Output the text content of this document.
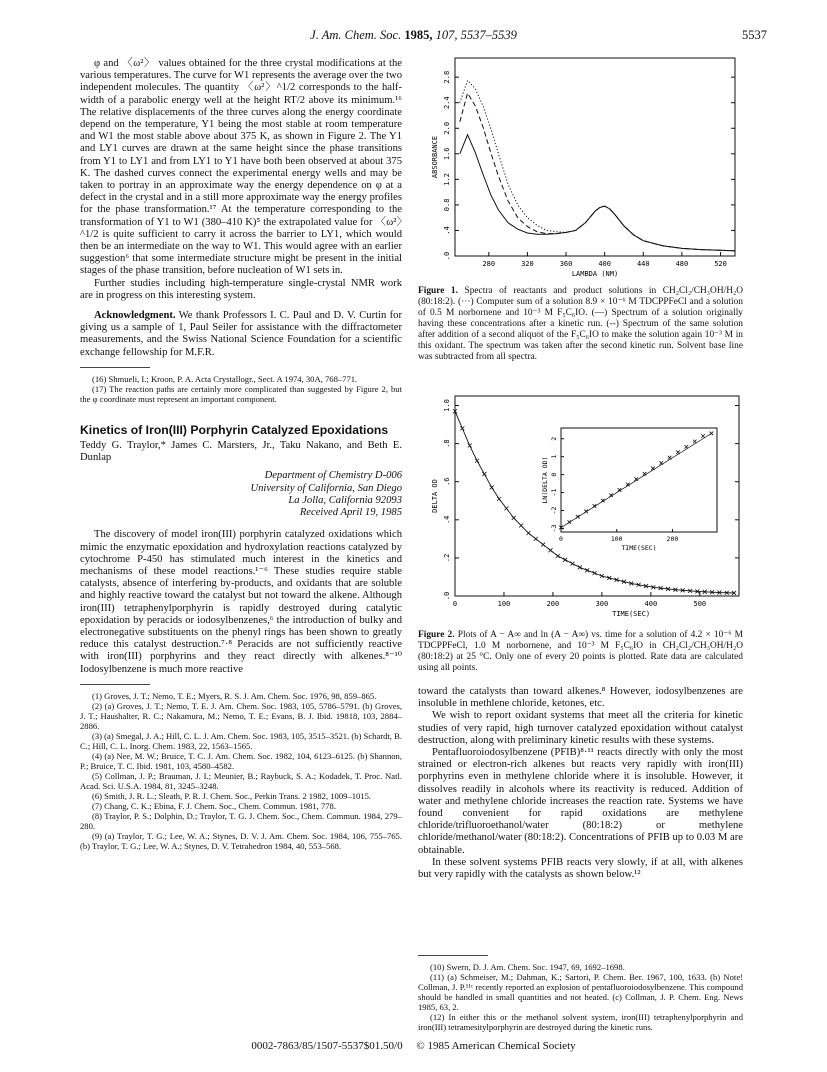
J. Am. Chem. Soc. 1985, 107, 5537–5539	5537

φ and 〈ω²〉 values obtained for the three crystal modifications at the various temperatures. The curve for W1 represents the average over the two independent molecules. The quantity 〈ω²〉^1/2 corresponds to the half-width of a parabolic energy well at the height RT/2 above its minimum.¹⁶ The relative displacements of the three curves along the energy coordinate depend on the temperature, Y1 being the most stable at room temperature and W1 the most stable above about 375 K, as shown in Figure 2. The Y1 and LY1 curves are drawn at the same height since the phase transitions from Y1 to LY1 and from LY1 to Y1 have both been observed at about 375 K. The dashed curves connect the experimental energy wells and may be taken to portray in an approximate way the energy dependence on φ at a defect in the crystal and in a still more approximate way the energy profiles for the phase transformation.¹⁷ At the temperature corresponding to the transformation of Y1 to W1 (380–410 K)⁵ the extrapolated value for 〈ω²〉^1/2 is quite sufficient to carry it across the barrier to LY1, which would then be an intermediate on the way to W1. This would agree with an earlier suggestion⁶ that some intermediate structure might be present in the initial stages of the phase transition, before nucleation of W1 sets in.

Further studies including high-temperature single-crystal NMR work are in progress on this interesting system.

Acknowledgment. We thank Professors I. C. Paul and D. V. Curtin for giving us a sample of 1, Paul Seiler for assistance with the diffractometer measurements, and the Swiss National Science Foundation for a scientific exchange fellowship for M.F.R.

(16) Shmueli, I.; Kroon, P. A. Acta Crystallogr., Sect. A 1974, 30A, 768–771.

(17) The reaction paths are certainly more complicated than suggested by Figure 2, but the φ coordinate must represent an important component.

Kinetics of Iron(III) Porphyrin Catalyzed Epoxidations
Teddy G. Traylor,* James C. Marsters, Jr., Taku Nakano, and Beth E. Dunlap
Department of Chemistry D-006
University of California, San Diego
La Jolla, California 92093
Received April 19, 1985

The discovery of model iron(III) porphyrin catalyzed oxidations which mimic the enzymatic epoxidation and hydroxylation reactions catalyzed by cytochrome P-450 has stimulated much interest in the kinetics and mechanisms of these model reactions.¹⁻⁶ These studies require stable catalysts, absence of interfering by-products, and oxidants that are soluble and highly reactive toward the catalyst but not toward the alkene. Although iron(III) tetraphenylporphyrin is rapidly destroyed during catalytic epoxidation by peracids or iodosylbenzenes,⁶ the introduction of bulky and electronegative substituents on the phenyl rings has been shown to greatly reduce this catalyst destruction.⁷·⁸ Peracids are not sufficiently reactive with iron(III) porphyrins and they react directly with alkenes.⁸⁻¹⁰ Iodosylbenzene is much more reactive

(1) Groves, J. T.; Nemo, T. E.; Myers, R. S. J. Am. Chem. Soc. 1976, 98, 859–865.

(2) (a) Groves, J. T.; Nemo, T. E. J. Am. Chem. Soc. 1983, 105, 5786–5791. (b) Groves, J. T.; Haushalter, R. C.; Nakamura, M.; Nemo, T. E.; Evans, B. J. Ibid. 19818, 103, 2884–2886.

(3) (a) Smegal, J. A.; Hill, C. L. J. Am. Chem. Soc. 1983, 105, 3515–3521. (b) Schardt, B. C.; Hill, C. L. Inorg. Chem. 1983, 22, 1563–1565.

(4) (a) Nee, M. W.; Bruice, T. C. J. Am. Chem. Soc. 1982, 104, 6123–6125. (b) Shannon, P.; Bruice, T. C. Ibid. 1981, 103, 4580–4582.

(5) Collman, J. P.; Brauman, J. I.; Meunier, B.; Raybuck, S. A.; Kodadek, T. Proc. Natl. Acad. Sci. U.S.A. 1984, 81, 3245–3248.

(6) Smith, J. R. L.; Sleath, P. R. J. Chem. Soc., Perkin Trans. 2 1982, 1009–1015.

(7) Chang, C. K.; Ebina, F. J. Chem. Soc., Chem. Commun. 1981, 778.

(8) Traylor, P. S.; Dolphin, D.; Traylor, T. G. J. Chem. Soc., Chem. Commun. 1984, 279–280.

(9) (a) Traylor, T. G.; Lee, W. A.; Stynes, D. V. J. Am. Chem. Soc. 1984, 106, 755–765. (b) Traylor, T. G.; Lee, W. A.; Stynes, D. V. Tetrahedron 1984, 40, 553–568.

280	320	360	400	440	480	520
.0
.4
0.8
1.2
1.6
2.0
2.4
2.8
LAMBDA (NM)
ABSORBANCE
Figure 1. Spectra of reactants and product solutions in CH₂Cl₂/CH₃OH/H₂O (80:18:2). (···) Computer sum of a solution 8.9 × 10⁻⁶ M TDCPPFeCl and a solution of 0.5 M norbornene and 10⁻³ M F₅C₆IO. (—) Spectrum of a solution originally having these concentrations after a kinetic run. (--) Spectrum of the same solution after addition of a second aliquot of the F₅C₆IO to make the solution again 10⁻³ M in this oxidant. The spectrum was taken after the second kinetic run. Solvent base line was subtracted from all spectra.
0	100	200	300	400	500
.0
.2
.4
.6
.8
1.0
TIME(SEC)
DELTA OD
0	100	200
-3
-2
-1
0
1
2
TIME(SEC)
LN(DELTA OD)
Figure 2. Plots of A − A∞ and ln (A − A∞) vs. time for a solution of 4.2 × 10⁻⁶ M TDCPPFeCl, 1.0 M norbornene, and 10⁻³ M F₅C₆IO in CH₂Cl₂/CH₃OH/H₂O (80:18:2) at 25 °C. Only one of every 20 points is plotted. Rate data are calculated using all points.

toward the catalysts than toward alkenes.⁸ However, iodosylbenzenes are insoluble in methlene chloride, ketones, etc.

We wish to report oxidant systems that meet all the criteria for kinetic studies of very rapid, high turnover catalyzed epoxidation without catalyst destruction, along with preliminary kinetic results with these systems.

Pentafluoroiodosylbenzene (PFIB)⁸·¹¹ reacts directly with only the most strained or electron-rich alkenes but reacts very rapidly with iron(III) porphyrins even in methylene chloride where it is insoluble. However, it dissolves readily in alcohols where its reactivity is reduced. Addition of water and methylene chloride increases the reaction rate. Systems we have found convenient for rapid oxidations are methylene chloride/trifluoroethanol/water (80:18:2) or methylene chloride/methanol/water (80:18:2). Concentrations of PFIB up to 0.03 M are obtainable.

In these solvent systems PFIB reacts very slowly, if at all, with alkenes but very rapidly with the catalysts as shown below.¹²

(10) Swern, D. J. Am. Chem. Soc. 1947, 69, 1692–1698.

(11) (a) Schmeiser, M.; Dahman, K.; Sartori, P. Chem. Ber. 1967, 100, 1633. (b) Note! Collman, J. P.¹¹ᶜ recently reported an explosion of pentafluoroiodosylbenzene. This compound should be handled in small quantities and not heated. (c) Collman, J. P. Chem. Eng. News 1985, 63, 2.

(12) In either this or the methanol solvent system, iron(III) tetraphenylporphyrin and iron(III) tetramesitylporphyrin are destroyed during the kinetic runs.

0002-7863/85/1507-5537$01.50/0 © 1985 American Chemical Society
